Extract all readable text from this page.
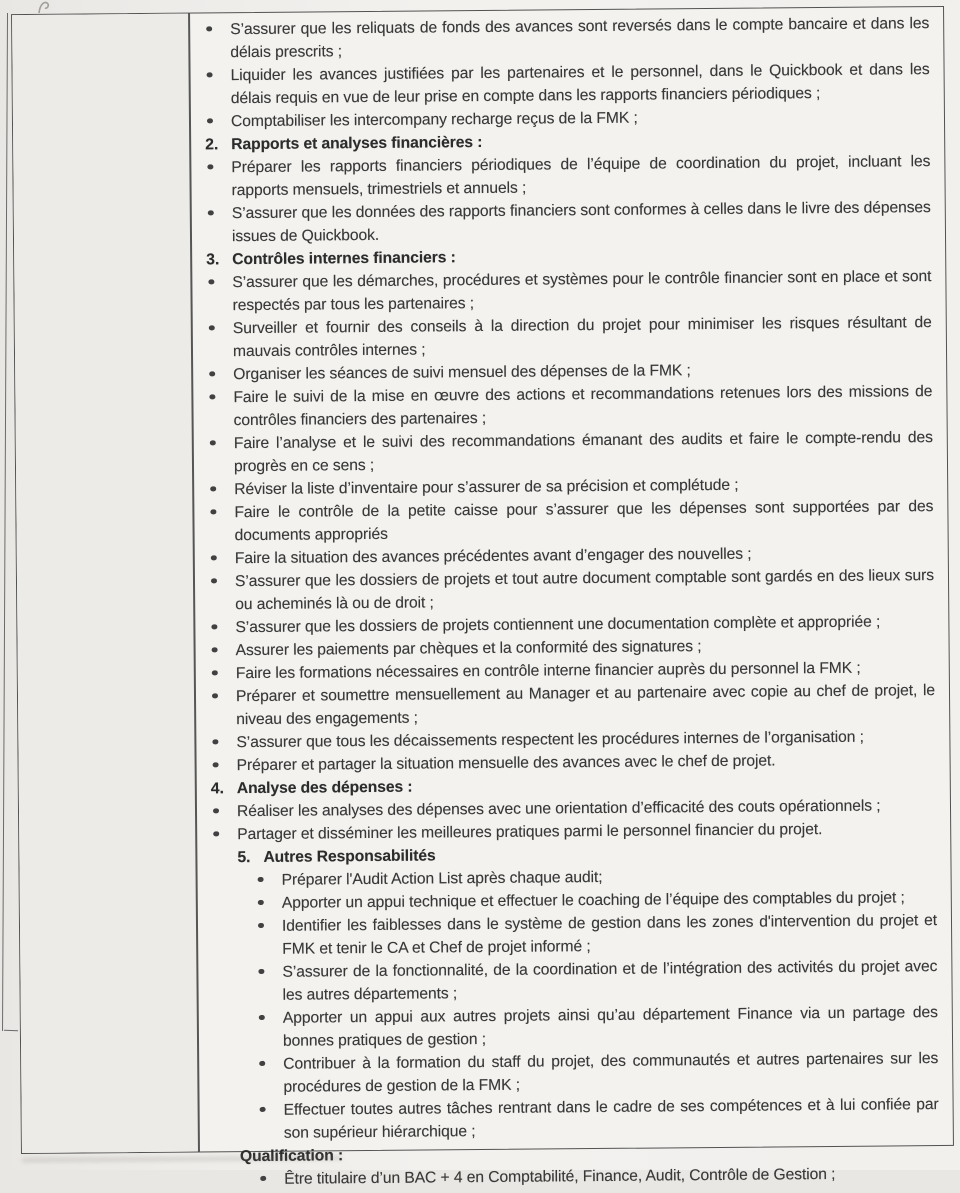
S’assurer que les reliquats de fonds des avances sont reversés dans le compte bancaire et dans les délais prescrits ;
Liquider les avances justifiées par les partenaires et le personnel, dans le Quickbook et dans les délais requis en vue de leur prise en compte dans les rapports financiers périodiques ;
Comptabiliser les intercompany recharge reçus de la FMK ;
2. Rapports et analyses financières :
Préparer les rapports financiers périodiques de l’équipe de coordination du projet, incluant les rapports mensuels, trimestriels et annuels ;
S’assurer que les données des rapports financiers sont conformes à celles dans le livre des dépenses issues de Quickbook.
3. Contrôles internes financiers :
S’assurer que les démarches, procédures et systèmes pour le contrôle financier sont en place et sont respectés par tous les partenaires ;
Surveiller et fournir des conseils à la direction du projet pour minimiser les risques résultant de mauvais contrôles internes ;
Organiser les séances de suivi mensuel des dépenses de la FMK ;
Faire le suivi de la mise en œuvre des actions et recommandations retenues lors des missions de contrôles financiers des partenaires ;
Faire l’analyse et le suivi des recommandations émanant des audits et faire le compte-rendu des progrès en ce sens ;
Réviser la liste d’inventaire pour s’assurer de sa précision et complétude ;
Faire le contrôle de la petite caisse pour s’assurer que les dépenses sont supportées par des documents appropriés
Faire la situation des avances précédentes avant d’engager des nouvelles ;
S’assurer que les dossiers de projets et tout autre document comptable sont gardés en des lieux surs ou acheminés là ou de droit ;
S’assurer que les dossiers de projets contiennent une documentation complète et appropriée ;
Assurer les paiements par chèques et la conformité des signatures ;
Faire les formations nécessaires en contrôle interne financier auprès du personnel la FMK ;
Préparer et soumettre mensuellement au Manager et au partenaire avec copie au chef de projet, le niveau des engagements ;
S’assurer que tous les décaissements respectent les procédures internes de l’organisation ;
Préparer et partager la situation mensuelle des avances avec le chef de projet.
4. Analyse des dépenses :
Réaliser les analyses des dépenses avec une orientation d’efficacité des couts opérationnels ;
Partager et disséminer les meilleures pratiques parmi le personnel financier du projet.
5. Autres Responsabilités
Préparer l'Audit Action List après chaque audit;
Apporter un appui technique et effectuer le coaching de l’équipe des comptables du projet ;
Identifier les faiblesses dans le système de gestion dans les zones d'intervention du projet et FMK et tenir le CA et Chef de projet informé ;
S’assurer de la fonctionnalité, de la coordination et de l’intégration des activités du projet avec les autres départements ;
Apporter un appui aux autres projets ainsi qu’au département Finance via un partage des bonnes pratiques de gestion ;
Contribuer à la formation du staff du projet, des communautés et autres partenaires sur les procédures de gestion de la FMK ;
Effectuer toutes autres tâches rentrant dans le cadre de ses compétences et à lui confiée par son supérieur hiérarchique ;
Qualification :
Être titulaire d’un BAC + 4 en Comptabilité, Finance, Audit, Contrôle de Gestion ;
